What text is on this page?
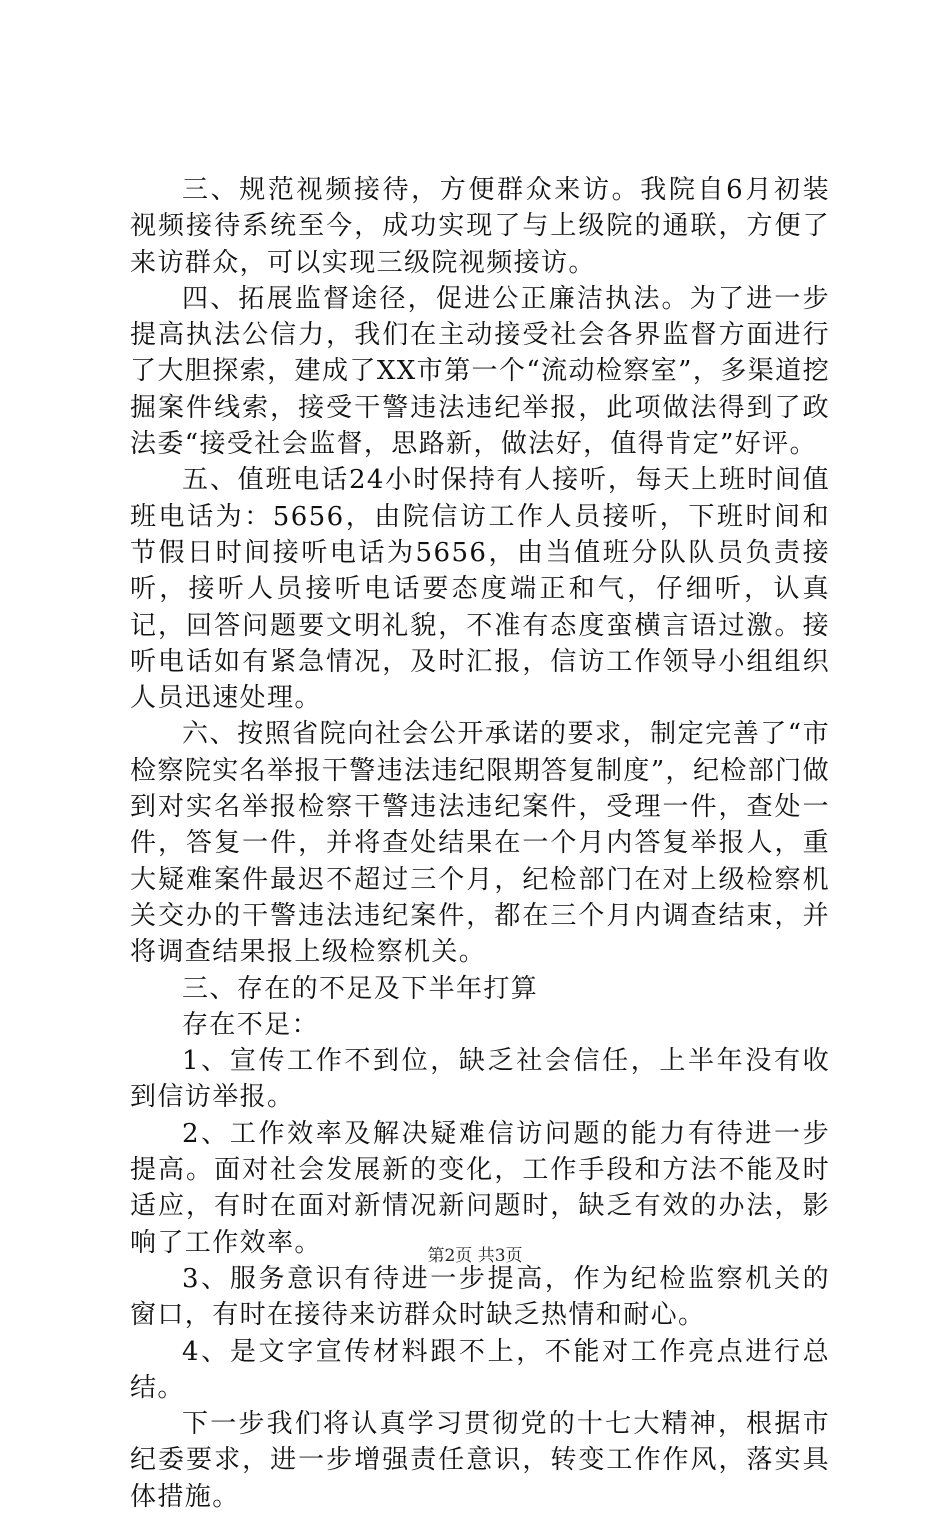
三、规范视频接待，方便群众来访。我院自6月初装视频接待系统至今，成功实现了与上级院的通联，方便了来访群众，可以实现三级院视频接访。

四、拓展监督途径，促进公正廉洁执法。为了进一步提高执法公信力，我们在主动接受社会各界监督方面进行了大胆探索，建成了XX市第一个“流动检察室”，多渠道挖掘案件线索，接受干警违法违纪举报，此项做法得到了政法委“接受社会监督，思路新，做法好，值得肯定”好评。

五、值班电话24小时保持有人接听，每天上班时间值班电话为：5656，由院信访工作人员接听，下班时间和节假日时间接听电话为5656，由当值班分队队员负责接听，接听人员接听电话要态度端正和气，仔细听，认真记，回答问题要文明礼貌，不准有态度蛮横言语过激。接听电话如有紧急情况，及时汇报，信访工作领导小组组织人员迅速处理。

六、按照省院向社会公开承诺的要求，制定完善了“市检察院实名举报干警违法违纪限期答复制度”，纪检部门做到对实名举报检察干警违法违纪案件，受理一件，查处一件，答复一件，并将查处结果在一个月内答复举报人，重大疑难案件最迟不超过三个月，纪检部门在对上级检察机关交办的干警违法违纪案件，都在三个月内调查结束，并将调查结果报上级检察机关。

三、存在的不足及下半年打算

存在不足：

1、宣传工作不到位，缺乏社会信任，上半年没有收到信访举报。

2、工作效率及解决疑难信访问题的能力有待进一步提高。面对社会发展新的变化，工作手段和方法不能及时适应，有时在面对新情况新问题时，缺乏有效的办法，影响了工作效率。

3、服务意识有待进一步提高，作为纪检监察机关的窗口，有时在接待来访群众时缺乏热情和耐心。

4、是文字宣传材料跟不上，不能对工作亮点进行总结。

下一步我们将认真学习贯彻党的十七大精神，根据市纪委要求，进一步增强责任意识，转变工作作风，落实具体措施。

第2页 共3页
